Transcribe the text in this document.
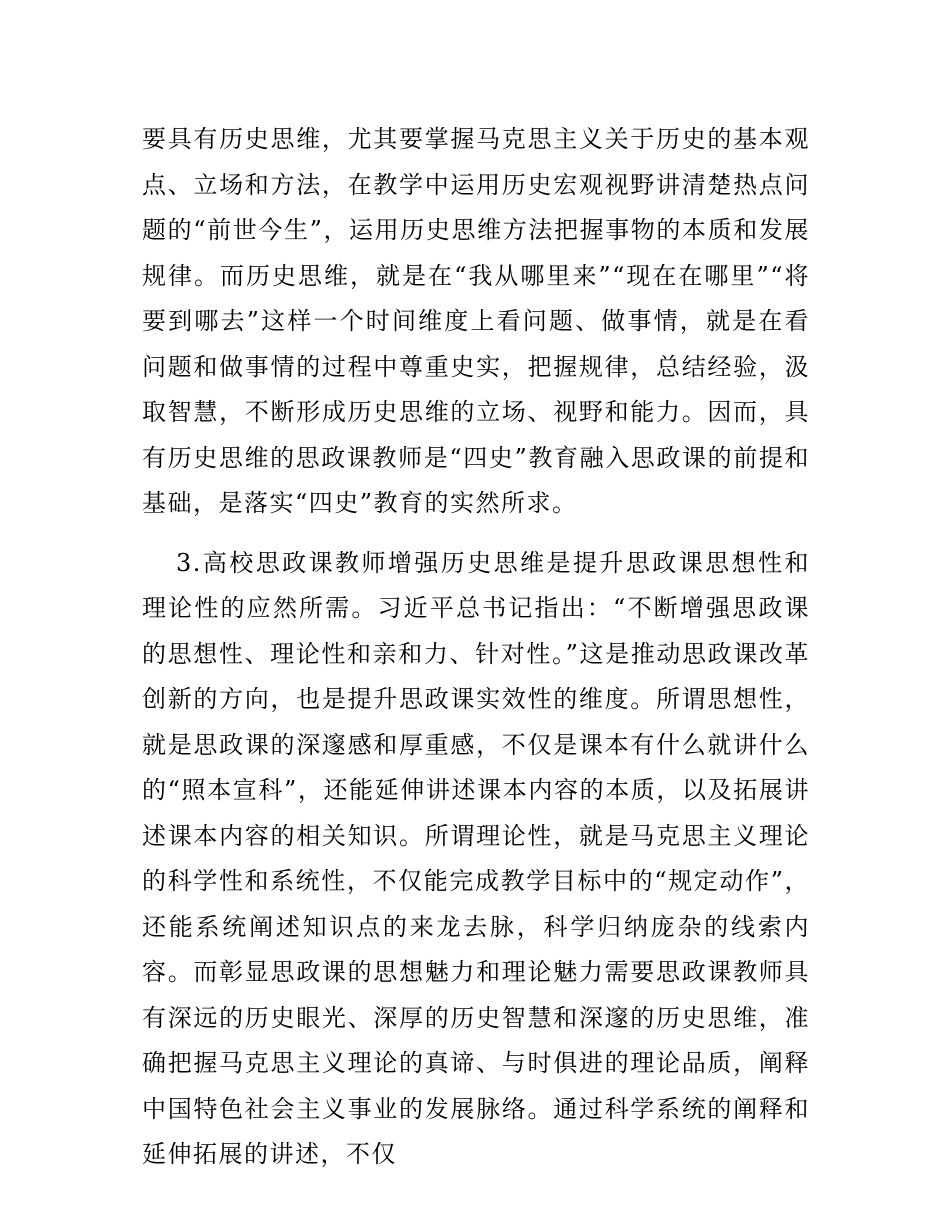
要具有历史思维，尤其要掌握马克思主义关于历史的基本观点、立场和方法，在教学中运用历史宏观视野讲清楚热点问题的“前世今生”，运用历史思维方法把握事物的本质和发展规律。而历史思维，就是在“我从哪里来”“现在在哪里”“将要到哪去”这样一个时间维度上看问题、做事情，就是在看问题和做事情的过程中尊重史实，把握规律，总结经验，汲取智慧，不断形成历史思维的立场、视野和能力。因而，具有历史思维的思政课教师是“四史”教育融入思政课的前提和基础，是落实“四史”教育的实然所求。

3.高校思政课教师增强历史思维是提升思政课思想性和理论性的应然所需。习近平总书记指出：“不断增强思政课的思想性、理论性和亲和力、针对性。”这是推动思政课改革创新的方向，也是提升思政课实效性的维度。所谓思想性，就是思政课的深邃感和厚重感，不仅是课本有什么就讲什么的“照本宣科”，还能延伸讲述课本内容的本质，以及拓展讲述课本内容的相关知识。所谓理论性，就是马克思主义理论的科学性和系统性，不仅能完成教学目标中的“规定动作”，还能系统阐述知识点的来龙去脉，科学归纳庞杂的线索内容。而彰显思政课的思想魅力和理论魅力需要思政课教师具有深远的历史眼光、深厚的历史智慧和深邃的历史思维，准确把握马克思主义理论的真谛、与时俱进的理论品质，阐释中国特色社会主义事业的发展脉络。通过科学系统的阐释和延伸拓展的讲述，不仅
